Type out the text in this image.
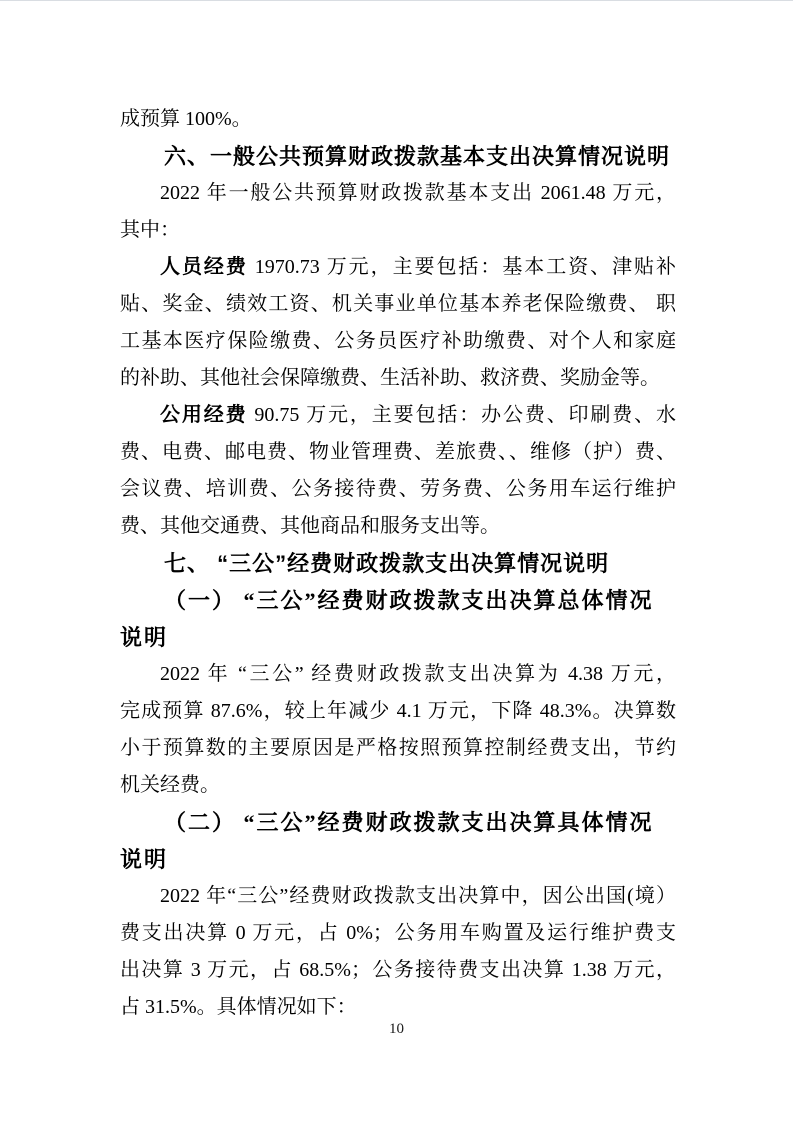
成预算 100%。

六、一般公共预算财政拨款基本支出决算情况说明

2022 年一般公共预算财政拨款基本支出 2061.48 万元，
其中：

人员经费 1970.73 万元，主要包括：基本工资、津贴补
贴、奖金、绩效工资、机关事业单位基本养老保险缴费、 职
工基本医疗保险缴费、公务员医疗补助缴费、对个人和家庭
的补助、其他社会保障缴费、生活补助、救济费、奖励金等。

公用经费 90.75 万元，主要包括：办公费、印刷费、水
费、电费、邮电费、物业管理费、差旅费、、维修（护）费、
会议费、培训费、公务接待费、劳务费、公务用车运行维护
费、其他交通费、其他商品和服务支出等。

七、 “三公”经费财政拨款支出决算情况说明

（一） “三公”经费财政拨款支出决算总体情况说明

2022 年 “三公” 经费财政拨款支出决算为 4.38 万元，
完成预算 87.6%，较上年减少 4.1 万元，下降 48.3%。决算数
小于预算数的主要原因是严格按照预算控制经费支出，节约
机关经费。

（二） “三公”经费财政拨款支出决算具体情况说明

2022 年“三公”经费财政拨款支出决算中，因公出国(境）
费支出决算 0 万元，占 0%；公务用车购置及运行维护费支
出决算 3 万元，占 68.5%；公务接待费支出决算 1.38 万元，
占 31.5%。具体情况如下：

10
